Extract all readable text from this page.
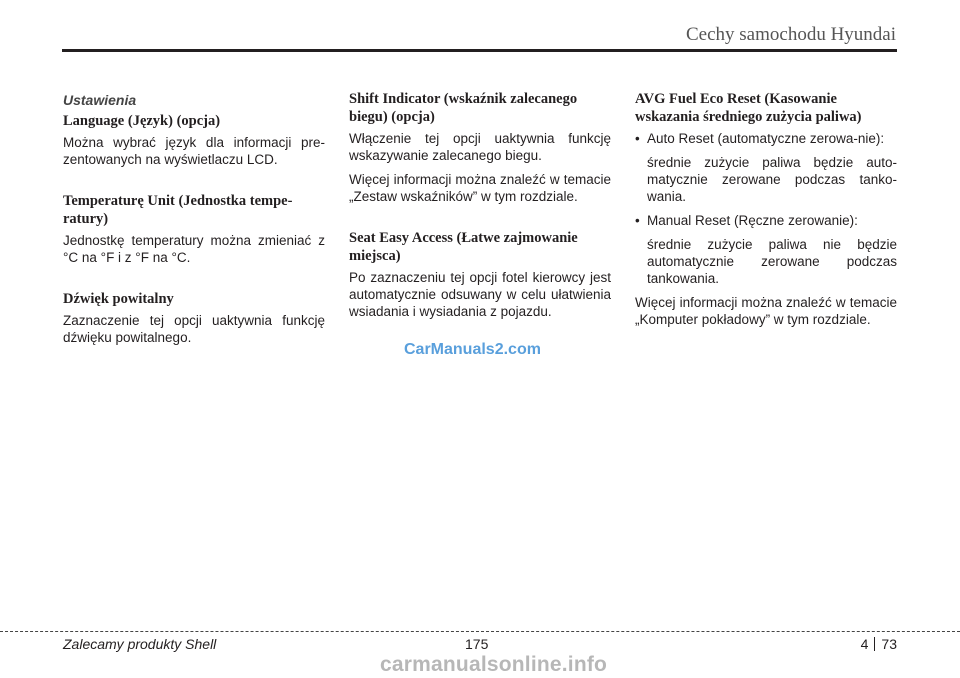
Cechy samochodu Hyundai
Ustawienia
Language (Język) (opcja)

Można wybrać język dla informacji pre-zentowanych na wyświetlaczu LCD.

Temperaturę Unit (Jednostka tempe-ratury)

Jednostkę temperatury można zmieniać z °C na °F i z °F na °C.

Dźwięk powitalny

Zaznaczenie tej opcji uaktywnia funkcję dźwięku powitalnego.

Shift Indicator (wskaźnik zalecanego biegu) (opcja)

Włączenie tej opcji uaktywnia funkcję wskazywanie zalecanego biegu.

Więcej informacji można znaleźć w temacie „Zestaw wskaźników” w tym rozdziale.

Seat Easy Access (Łatwe zajmowanie miejsca)

Po zaznaczeniu tej opcji fotel kierowcy jest automatycznie odsuwany w celu ułatwienia wsiadania i wysiadania z pojazdu.

AVG Fuel Eco Reset (Kasowanie wskazania średniego zużycia paliwa)
• Auto Reset (automatyczne zerowa-nie):

średnie zużycie paliwa będzie auto-matycznie zerowane podczas tanko-wania.

• Manual Reset (Ręczne zerowanie):

średnie zużycie paliwa nie będzie automatycznie zerowane podczas tankowania.

Więcej informacji można znaleźć w temacie „Komputer pokładowy” w tym rozdziale.

CarManuals2.com
Zalecamy produkty Shell	175	4 73
carmanualsonline.info
